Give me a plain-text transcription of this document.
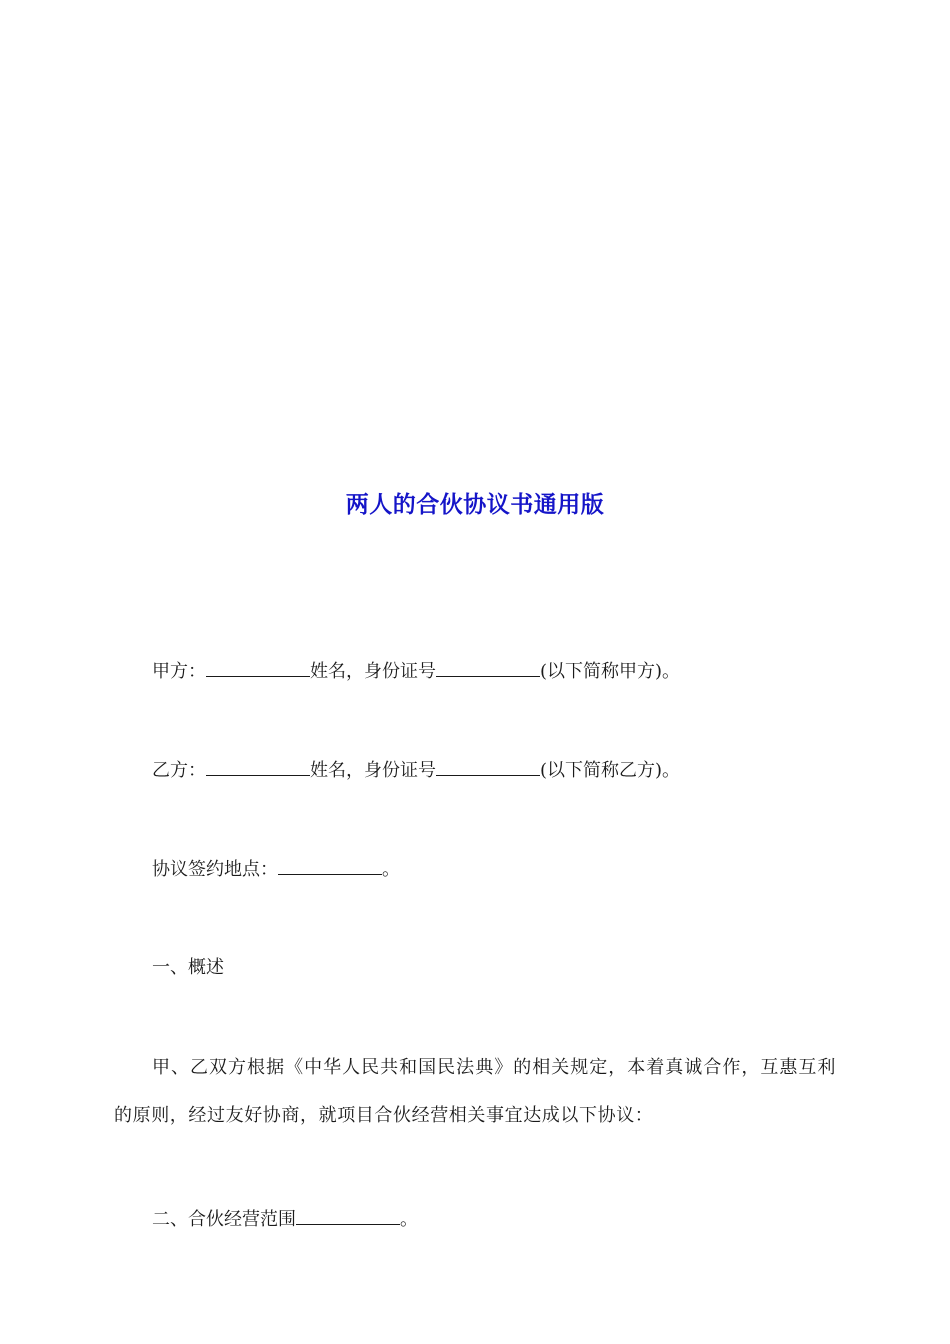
两人的合伙协议书通用版

甲方：	姓名，身份证号	(以下简称甲方)。

乙方：	姓名，身份证号	(以下简称乙方)。

协议签约地点：	。

一、概述

甲、乙双方根据《中华人民共和国民法典》的相关规定，本着真诚合作，互惠互利的原则，经过友好协商，就项目合伙经营相关事宜达成以下协议：

二、合伙经营范围	。
